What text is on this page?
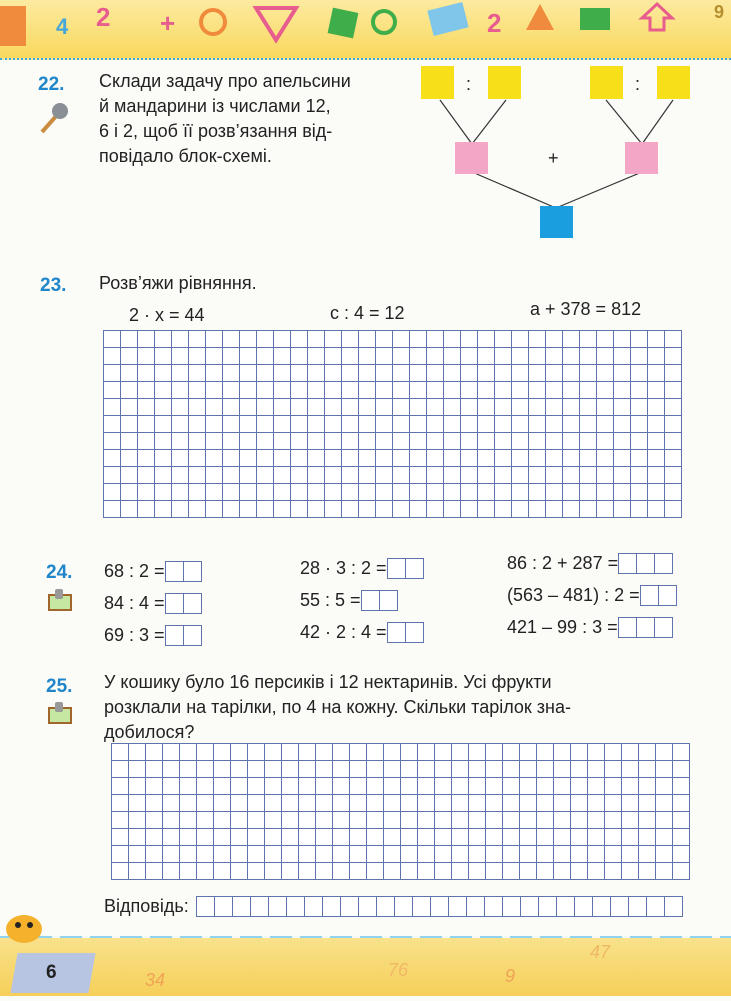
4 2 +	2	9
22. Склади задачу про апельсини
й мандарини із числами 12,
6 і 2, щоб її розв’язання від-
повідало блок-схемі.
:	:
+
23. Розв’яжи рівняння.
2 · x = 44	c : 4 = 12	a + 378 = 812
24. 68 : 2 =	28 · 3 : 2 =	86 : 2 + 287 =
84 : 4 =	55 : 5 =	(563 – 481) : 2 =
69 : 3 =	42 · 2 : 4 =	421 – 99 : 3 =
25. У кошику було 16 персиків і 12 нектаринів. Усі фрукти
розклали на тарілки, по 4 на кожну. Скільки тарілок зна-
добилося?
Відповідь:
34	76	9
47
6
